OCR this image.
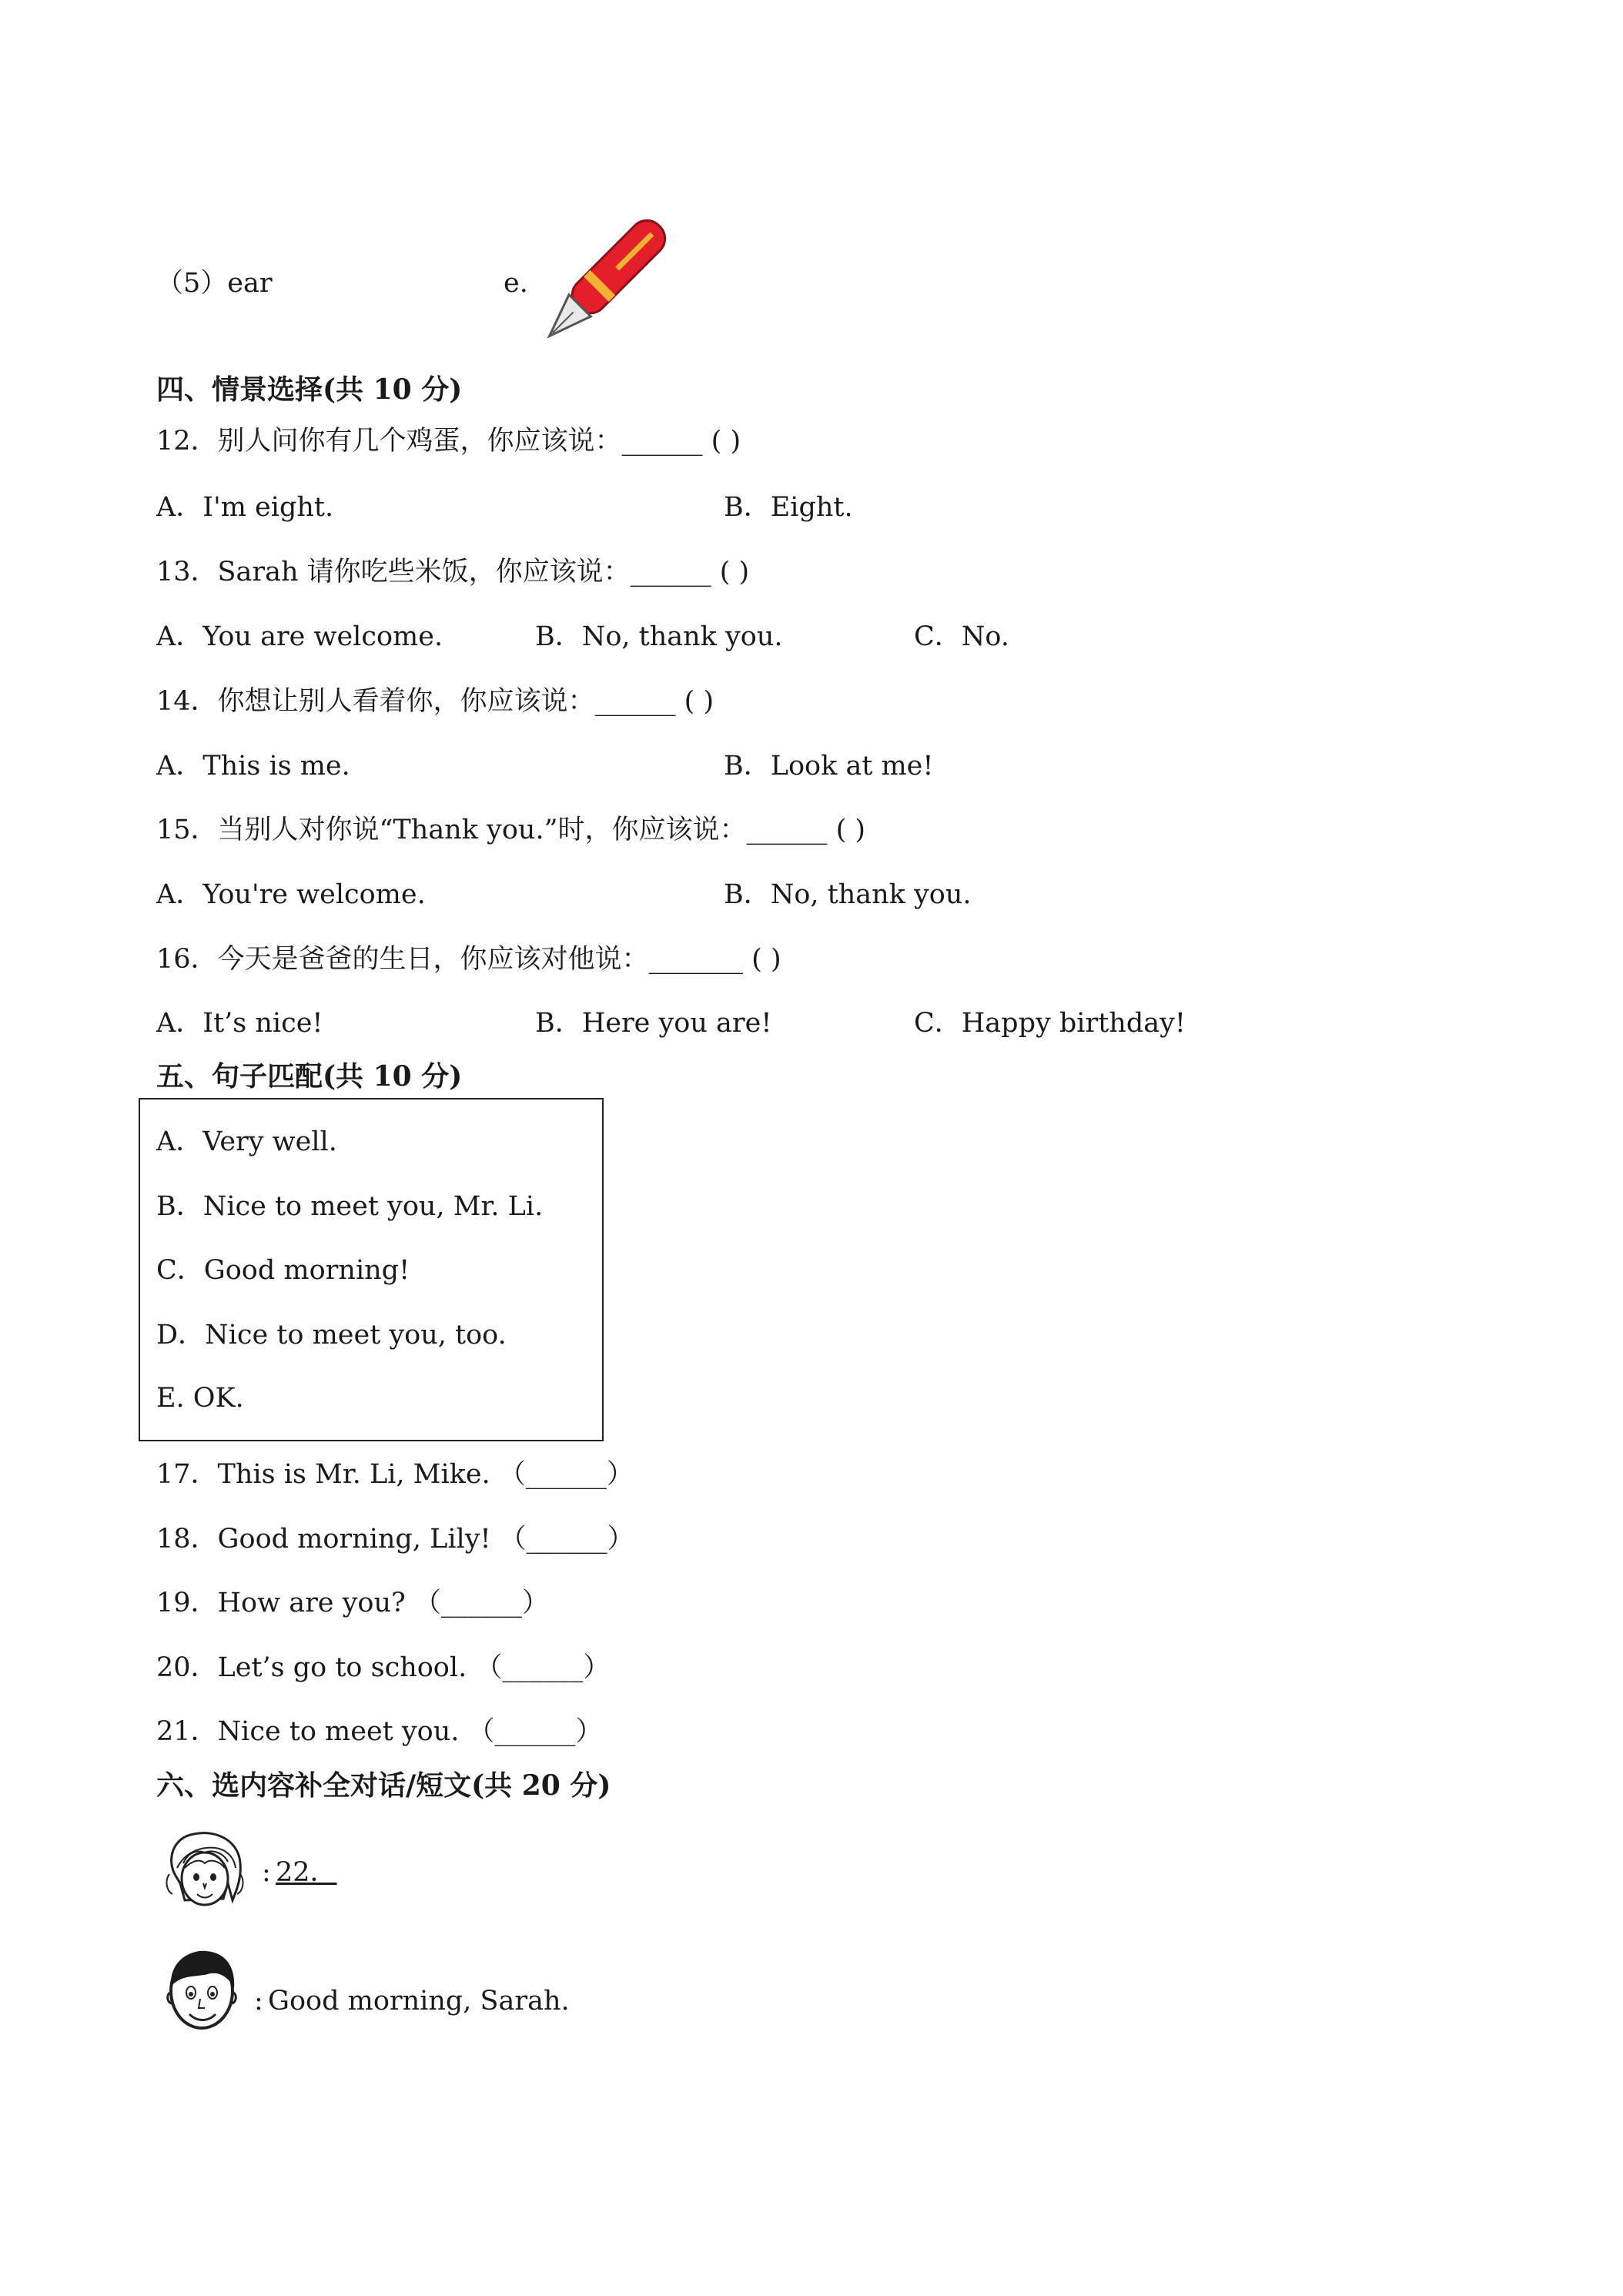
（5）ear	e.
四、情景选择(共 10 分)
12．别人问你有几个鸡蛋，你应该说：______ ( )
A．I'm eight.	B．Eight.
13．Sarah 请你吃些米饭，你应该说：______ ( )
A．You are welcome.	B．No, thank you.	C．No.
14．你想让别人看着你，你应该说：______ ( )
A．This is me.	B．Look at me!
15．当别人对你说“Thank you.”时，你应该说：______ ( )
A．You're welcome.	B．No, thank you.
16．今天是爸爸的生日，你应该对他说：_______ ( )
A．It’s nice!	B．Here you are!	C．Happy birthday!
五、句子匹配(共 10 分)
A．Very well.
B．Nice to meet you, Mr. Li.
C．Good morning!
D．Nice to meet you, too.
E. OK.
17．This is Mr. Li, Mike. （______）
18．Good morning, Lily! （______）
19．How are you? （______）
20．Let’s go to school. （______）
21．Nice to meet you. （______）
六、选内容补全对话/短文(共 20 分)
: 22．
: Good morning, Sarah.
